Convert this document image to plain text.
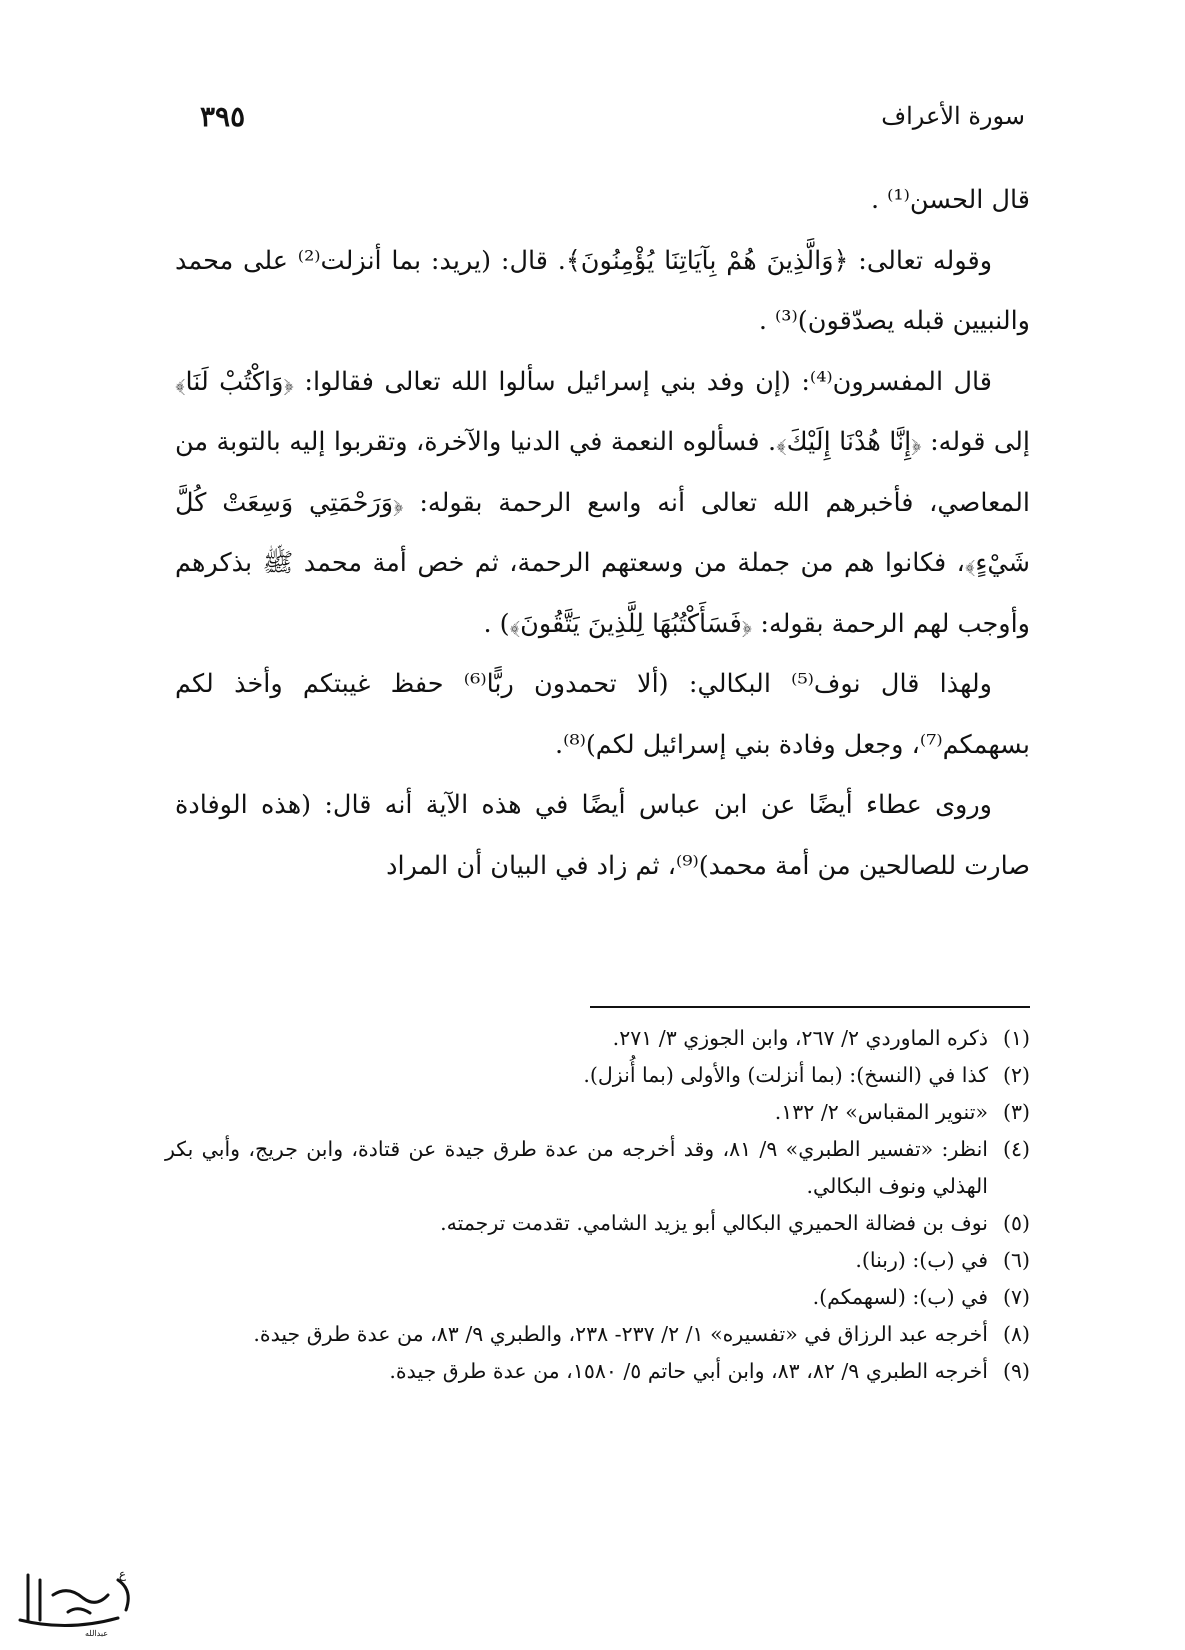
سورة الأعراف
٣٩٥

قال الحسن⁽¹⁾ .

وقوله تعالى: ﴿وَالَّذِينَ هُمْ بِآيَاتِنَا يُؤْمِنُونَ﴾. قال: (يريد: بما أنزلت⁽²⁾ على محمد والنبيين قبله يصدّقون)⁽³⁾ .

قال المفسرون⁽⁴⁾: (إن وفد بني إسرائيل سألوا الله تعالى فقالوا: ﴿وَاكْتُبْ لَنَا﴾ إلى قوله: ﴿إِنَّا هُدْنَا إِلَيْكَ﴾. فسألوه النعمة في الدنيا والآخرة، وتقربوا إليه بالتوبة من المعاصي، فأخبرهم الله تعالى أنه واسع الرحمة بقوله: ﴿وَرَحْمَتِي وَسِعَتْ كُلَّ شَيْءٍ﴾، فكانوا هم من جملة من وسعتهم الرحمة، ثم خص أمة محمد ﷺ بذكرهم وأوجب لهم الرحمة بقوله: ﴿فَسَأَكْتُبُهَا لِلَّذِينَ يَتَّقُونَ﴾) .

ولهذا قال نوف⁽⁵⁾ البكالي: (ألا تحمدون ربًّا⁽⁶⁾ حفظ غيبتكم وأخذ لكم بسهمكم⁽⁷⁾، وجعل وفادة بني إسرائيل لكم)⁽⁸⁾.

وروى عطاء أيضًا عن ابن عباس أيضًا في هذه الآية أنه قال: (هذه الوفادة صارت للصالحين من أمة محمد)⁽⁹⁾، ثم زاد في البيان أن المراد

(١)
ذكره الماوردي ٢/ ٢٦٧، وابن الجوزي ٣/ ٢٧١.
(٢)
كذا في (النسخ): (بما أنزلت) والأولى (بما أُنزل).
(٣)
«تنوير المقباس» ٢/ ١٣٢.
(٤)
انظر: «تفسير الطبري» ٩/ ٨١، وقد أخرجه من عدة طرق جيدة عن قتادة، وابن جريج، وأبي بكر الهذلي ونوف البكالي.
(٥)
نوف بن فضالة الحميري البكالي أبو يزيد الشامي. تقدمت ترجمته.
(٦)
في (ب): (ربنا).
(٧)
في (ب): (لسهمكم).
(٨)
أخرجه عبد الرزاق في «تفسيره» ١/ ٢/ ٢٣٧- ٢٣٨، والطبري ٩/ ٨٣، من عدة طرق جيدة.
(٩)
أخرجه الطبري ٩/ ٨٢، ٨٣، وابن أبي حاتم ٥/ ١٥٨٠، من عدة طرق جيدة.
ع
عبدالله
